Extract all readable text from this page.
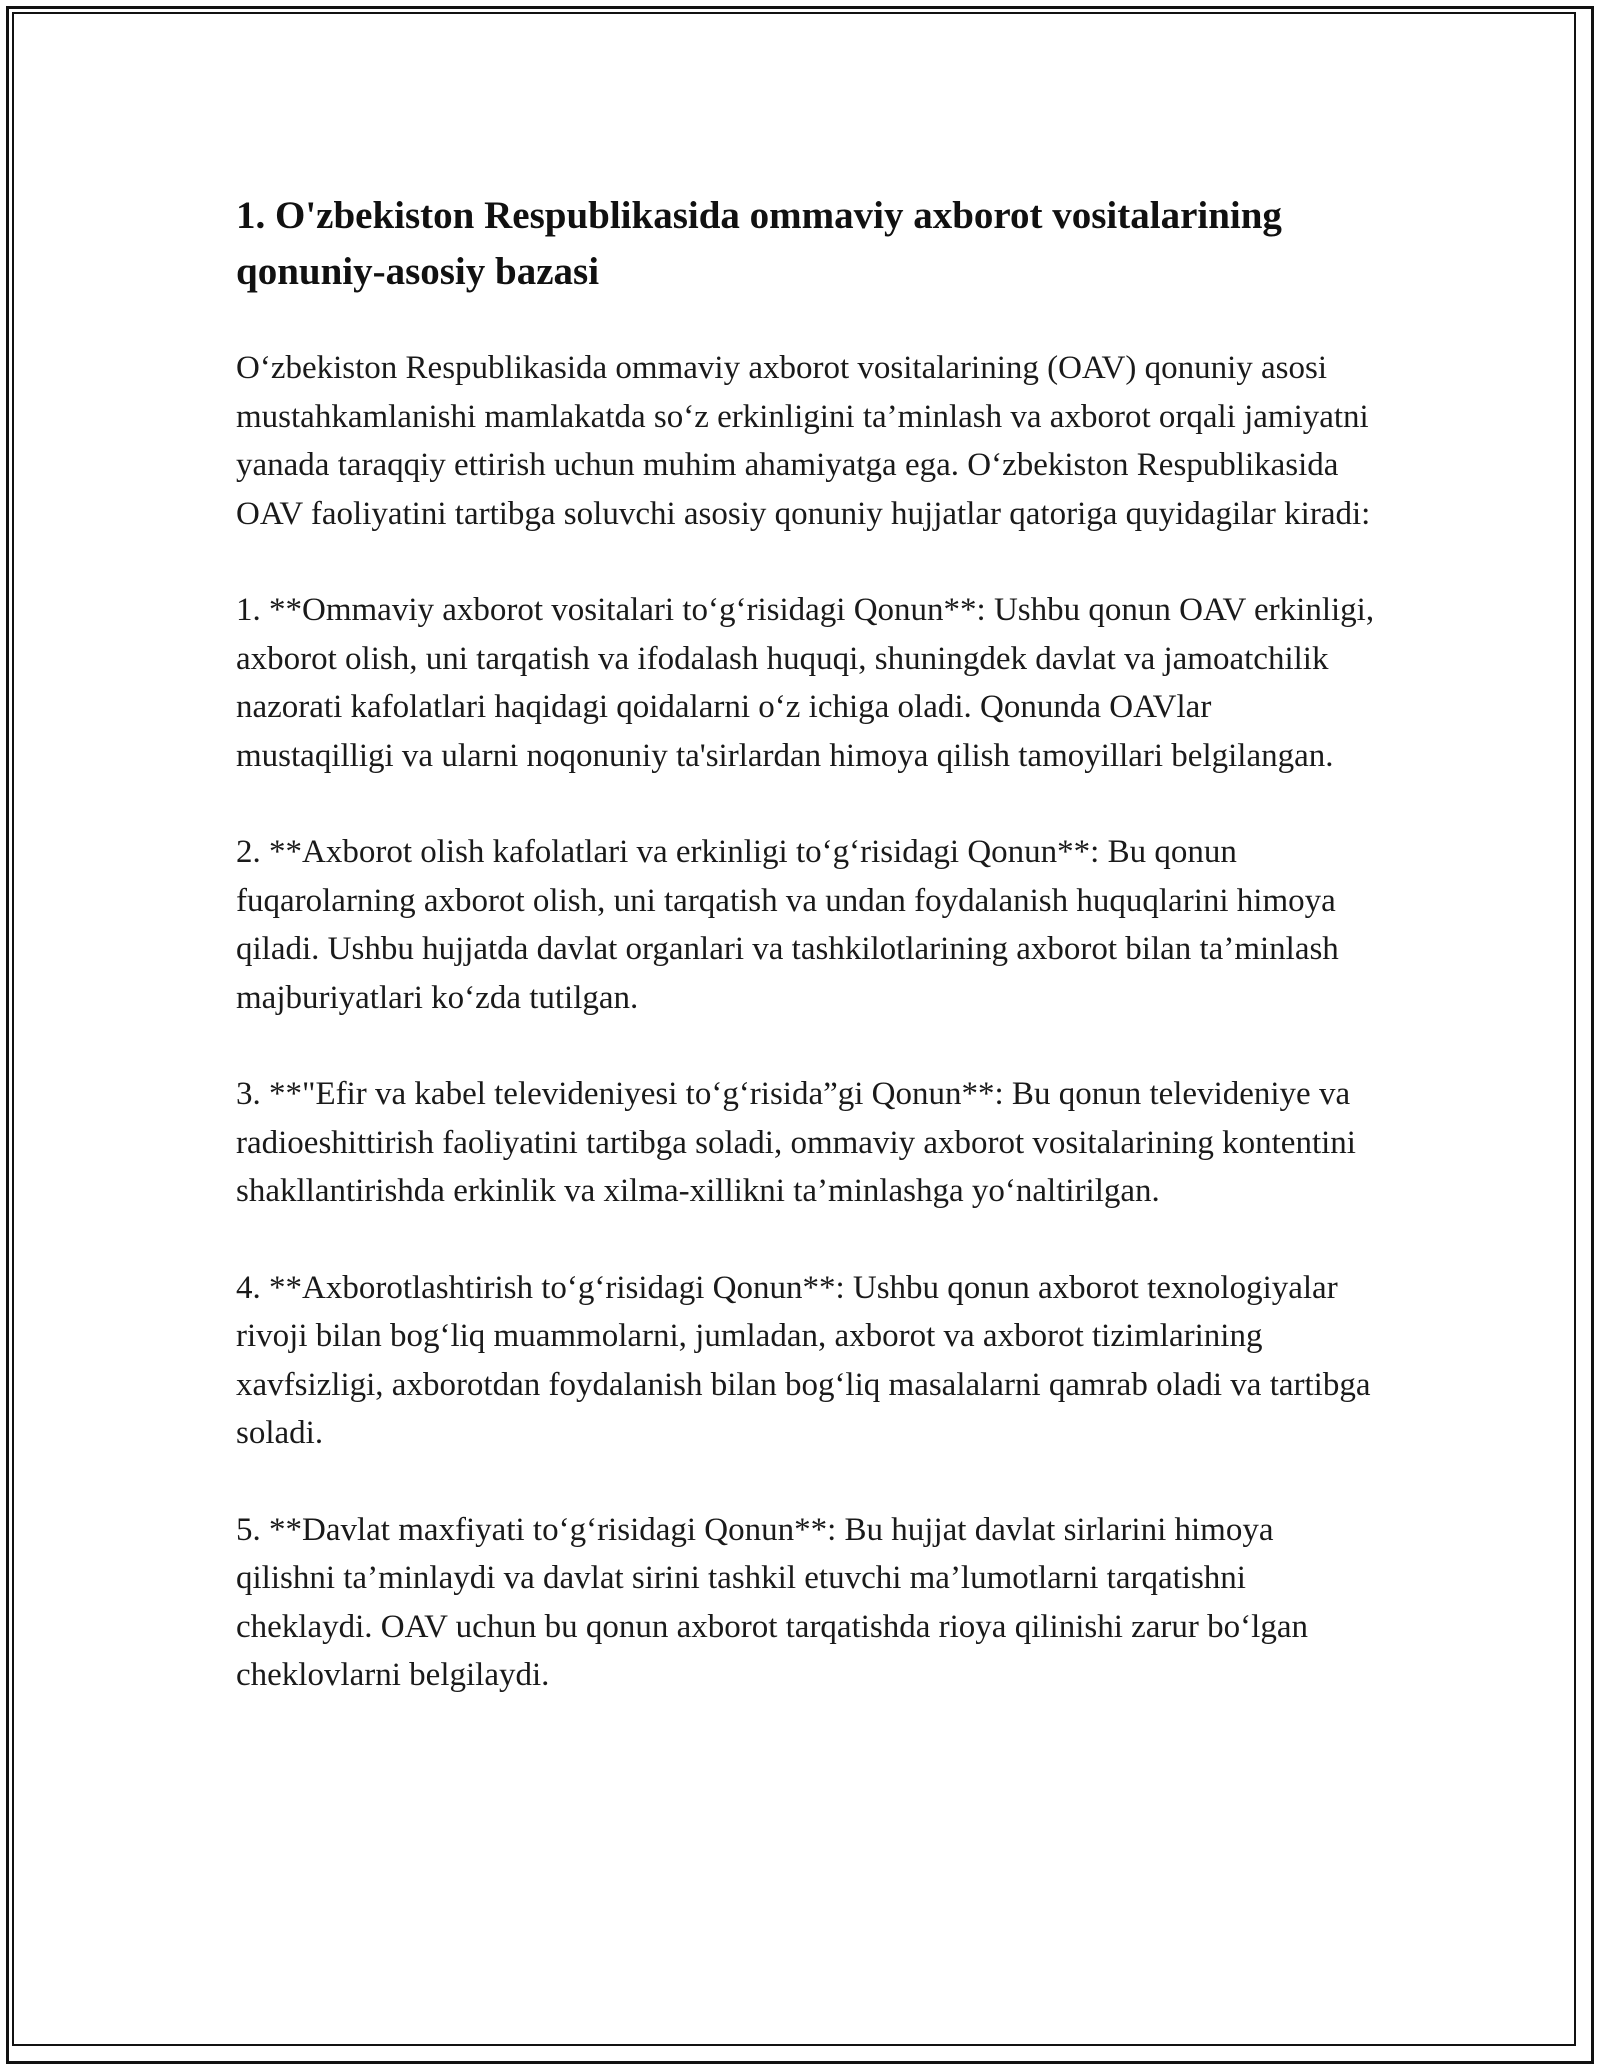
1. O'zbekiston Respublikasida ommaviy axborot vositalarining qonuniy-asosiy bazasi

O‘zbekiston Respublikasida ommaviy axborot vositalarining (OAV) qonuniy asosi mustahkamlanishi mamlakatda so‘z erkinligini ta’minlash va axborot orqali jamiyatni yanada taraqqiy ettirish uchun muhim ahamiyatga ega. O‘zbekiston Respublikasida OAV faoliyatini tartibga soluvchi asosiy qonuniy hujjatlar qatoriga quyidagilar kiradi:

1. **Ommaviy axborot vositalari to‘g‘risidagi Qonun**: Ushbu qonun OAV erkinligi, axborot olish, uni tarqatish va ifodalash huquqi, shuningdek davlat va jamoatchilik nazorati kafolatlari haqidagi qoidalarni o‘z ichiga oladi. Qonunda OAVlar mustaqilligi va ularni noqonuniy ta'sirlardan himoya qilish tamoyillari belgilangan.

2. **Axborot olish kafolatlari va erkinligi to‘g‘risidagi Qonun**: Bu qonun fuqarolarning axborot olish, uni tarqatish va undan foydalanish huquqlarini himoya qiladi. Ushbu hujjatda davlat organlari va tashkilotlarining axborot bilan ta’minlash majburiyatlari ko‘zda tutilgan.

3. **"Efir va kabel televideniyesi to‘g‘risida”gi Qonun**: Bu qonun televideniye va radioeshittirish faoliyatini tartibga soladi, ommaviy axborot vositalarining kontentini shakllantirishda erkinlik va xilma-xillikni ta’minlashga yo‘naltirilgan.

4. **Axborotlashtirish to‘g‘risidagi Qonun**: Ushbu qonun axborot texnologiyalar rivoji bilan bog‘liq muammolarni, jumladan, axborot va axborot tizimlarining xavfsizligi, axborotdan foydalanish bilan bog‘liq masalalarni qamrab oladi va tartibga soladi.

5. **Davlat maxfiyati to‘g‘risidagi Qonun**: Bu hujjat davlat sirlarini himoya qilishni ta’minlaydi va davlat sirini tashkil etuvchi ma’lumotlarni tarqatishni cheklaydi. OAV uchun bu qonun axborot tarqatishda rioya qilinishi zarur bo‘lgan cheklovlarni belgilaydi.
